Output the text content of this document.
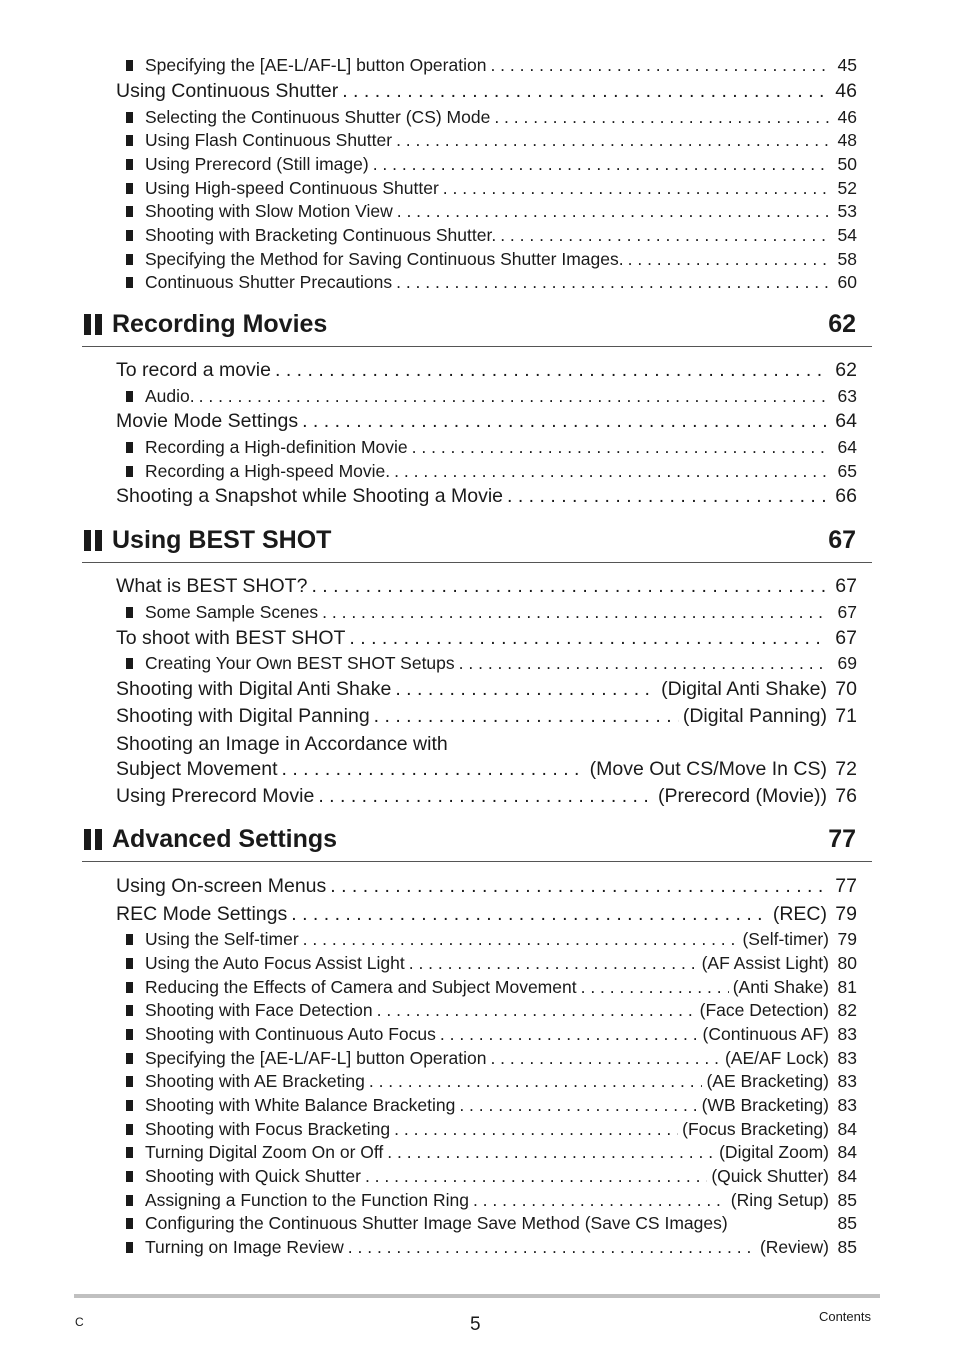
Specifying the [AE-L/AF-L] button Operation . . .	45
Using Continuous Shutter . . .	46
Selecting the Continuous Shutter (CS) Mode . . .	46
Using Flash Continuous Shutter . . .	48
Using Prerecord (Still image) . . .	50
Using High-speed Continuous Shutter . . .	52
Shooting with Slow Motion View . . .	53
Shooting with Bracketing Continuous Shutter. . . .	54
Specifying the Method for Saving Continuous Shutter Images. . . .	58
Continuous Shutter Precautions . . .	60
Recording Movies	62
To record a movie . . .	62
Audio. . . .	63
Movie Mode Settings . . .	64
Recording a High-definition Movie . . .	64
Recording a High-speed Movie. . . .	65
Shooting a Snapshot while Shooting a Movie . . .	66
Using BEST SHOT	67
What is BEST SHOT? . . .	67
Some Sample Scenes . . .	67
To shoot with BEST SHOT . . .	67
Creating Your Own BEST SHOT Setups . . .	69
Shooting with Digital Anti Shake . . .	(Digital Anti Shake) 70
Shooting with Digital Panning . . .	(Digital Panning) 71
Shooting an Image in Accordance with
Subject Movement . . .	(Move Out CS/Move In CS) 72
Using Prerecord Movie . . .	(Prerecord (Movie)) 76
Advanced Settings	77
Using On-screen Menus . . .	77
REC Mode Settings . . .	(REC) 79
Using the Self-timer . . .	(Self-timer) 79
Using the Auto Focus Assist Light . . .	(AF Assist Light) 80
Reducing the Effects of Camera and Subject Movement . . .	(Anti Shake) 81
Shooting with Face Detection . . .	(Face Detection) 82
Shooting with Continuous Auto Focus . . .	(Continuous AF) 83
Specifying the [AE-L/AF-L] button Operation . . .	(AE/AF Lock) 83
Shooting with AE Bracketing . . .	(AE Bracketing) 83
Shooting with White Balance Bracketing . . .	(WB Bracketing) 83
Shooting with Focus Bracketing . . .	(Focus Bracketing) 84
Turning Digital Zoom On or Off . . .	(Digital Zoom) 84
Shooting with Quick Shutter . . .	(Quick Shutter) 84
Assigning a Function to the Function Ring . . .	(Ring Setup) 85
Configuring the Continuous Shutter Image Save Method (Save CS Images)	85
Turning on Image Review . . .	(Review) 85
C	5	Contents
